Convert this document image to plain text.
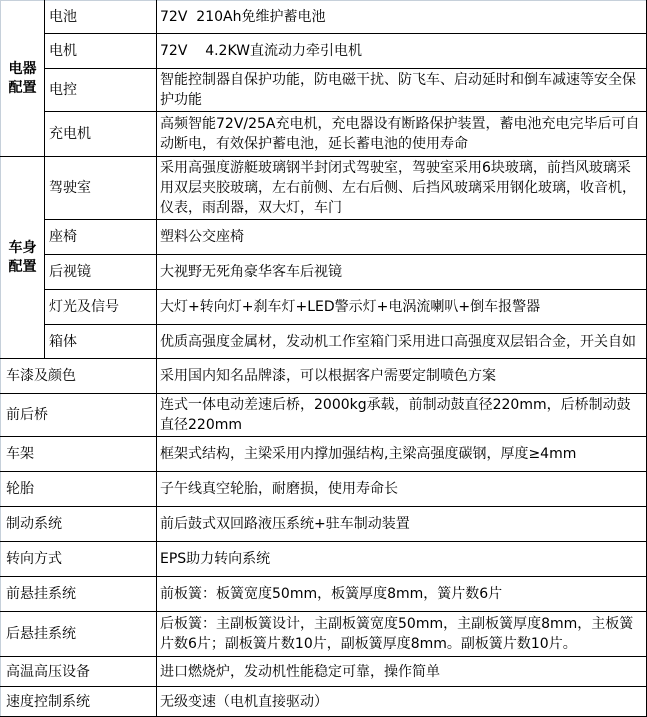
电器配置	电池	72V  210Ah免维护蓄电池
	电机	72V    4.2KW直流动力牵引电机
	电控	智能控制器自保护功能，防电磁干扰、防飞车、启动延时和倒车减速等安全保护功能
	充电机	高频智能72V/25A充电机，充电器设有断路保护装置，蓄电池充电完毕后可自动断电，有效保护蓄电池，延长蓄电池的使用寿命
车身配置	驾驶室	采用高强度游艇玻璃钢半封闭式驾驶室，驾驶室采用6块玻璃，前挡风玻璃采用双层夹胶玻璃，左右前侧、左右后侧、后挡风玻璃采用钢化玻璃，收音机，仪表，雨刮器，双大灯，车门
	座椅	塑料公交座椅
	后视镜	大视野无死角豪华客车后视镜
	灯光及信号	大灯+转向灯+刹车灯+LED警示灯+电涡流喇叭+倒车报警器
	箱体	优质高强度金属材，发动机工作室箱门采用进口高强度双层铝合金，开关自如
车漆及颜色		采用国内知名品牌漆，可以根据客户需要定制喷色方案
前后桥		连式一体电动差速后桥，2000kg承载，前制动鼓直径220mm，后桥制动鼓直径220mm
车架		框架式结构，主梁采用内撑加强结构,主梁高强度碳钢，厚度≥4mm
轮胎		子午线真空轮胎，耐磨损，使用寿命长
制动系统		前后鼓式双回路液压系统+驻车制动装置
转向方式		EPS助力转向系统
前悬挂系统		前板簧：板簧宽度50mm，板簧厚度8mm，簧片数6片
后悬挂系统		后板簧：主副板簧设计，主副板簧宽度50mm，主副板簧厚度8mm，主板簧片数6片；副板簧片数10片，副板簧厚度8mm。副板簧片数10片。
高温高压设备		进口燃烧炉，发动机性能稳定可靠，操作简单
速度控制系统		无级变速（电机直接驱动）
